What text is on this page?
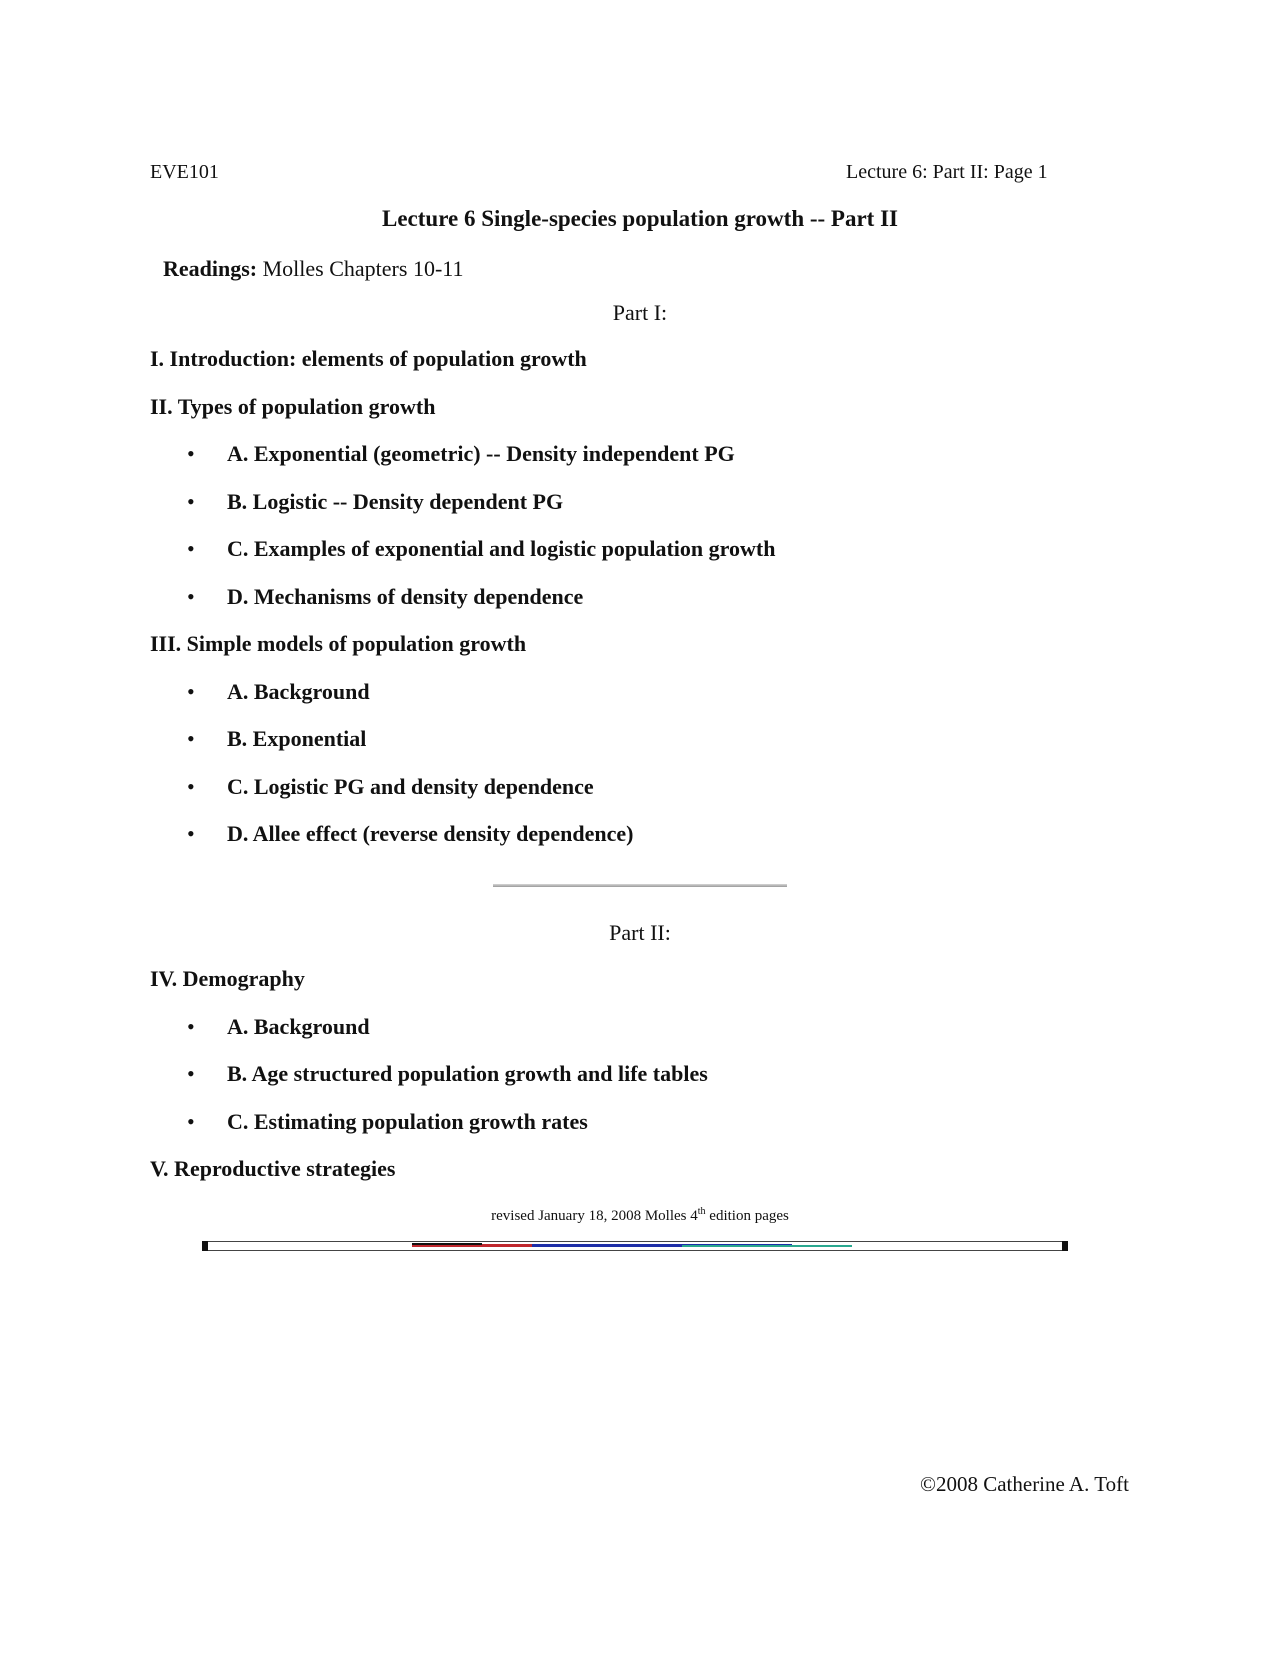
EVE101	Lecture 6: Part II: Page 1
Lecture 6 Single-species population growth -- Part II
Readings: Molles Chapters 10-11
Part I:
I. Introduction: elements of population growth
II. Types of population growth
• A. Exponential (geometric) -- Density independent PG
• B. Logistic -- Density dependent PG
• C. Examples of exponential and logistic population growth
• D. Mechanisms of density dependence
III. Simple models of population growth
• A. Background
• B. Exponential
• C. Logistic PG and density dependence
• D. Allee effect (reverse density dependence)
Part II:
IV. Demography
• A. Background
• B. Age structured population growth and life tables
• C. Estimating population growth rates
V. Reproductive strategies
revised January 18, 2008 Molles 4th edition pages
©2008 Catherine A. Toft
